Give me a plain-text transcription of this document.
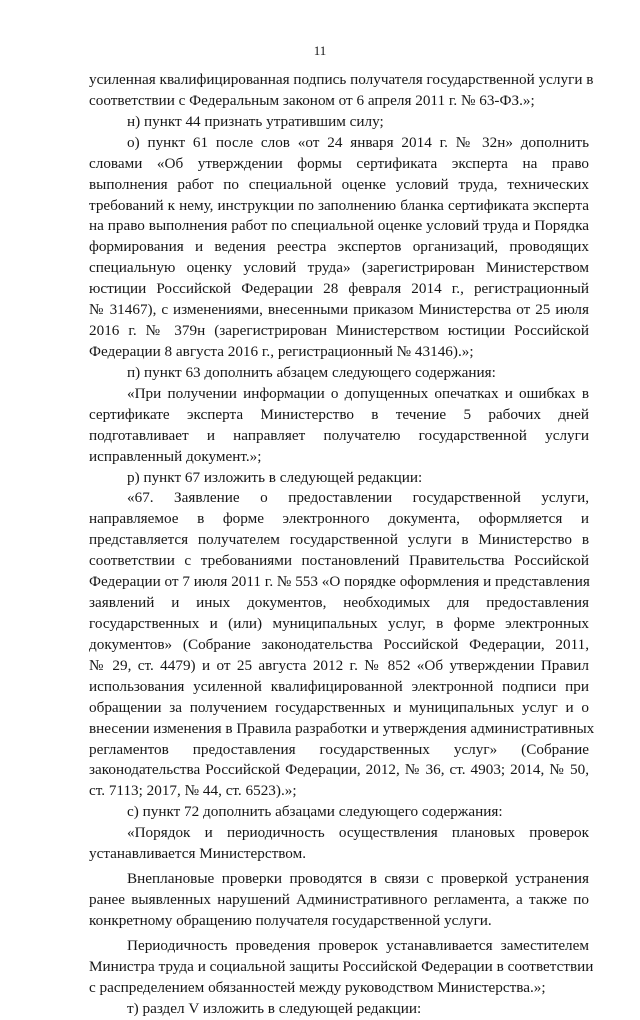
11
усиленная квалифицированная подпись получателя государственной услуги в
соответствии с Федеральным законом от 6 апреля 2011 г. № 63-ФЗ.»;
н) пункт 44 признать утратившим силу;
о) пункт 61 после слов «от 24 января 2014 г. № 32н» дополнить
словами «Об утверждении формы сертификата эксперта на право
выполнения работ по специальной оценке условий труда, технических
требований к нему, инструкции по заполнению бланка сертификата эксперта
на право выполнения работ по специальной оценке условий труда и Порядка
формирования и ведения реестра экспертов организаций, проводящих
специальную оценку условий труда» (зарегистрирован Министерством
юстиции Российской Федерации 28 февраля 2014 г., регистрационный
№ 31467), с изменениями, внесенными приказом Министерства от 25 июля
2016 г. № 379н (зарегистрирован Министерством юстиции Российской
Федерации 8 августа 2016 г., регистрационный № 43146).»;
п) пункт 63 дополнить абзацем следующего содержания:
«При получении информации о допущенных опечатках и ошибках в
сертификате эксперта Министерство в течение 5 рабочих дней
подготавливает и направляет получателю государственной услуги
исправленный документ.»;
р) пункт 67 изложить в следующей редакции:
«67. Заявление о предоставлении государственной услуги,
направляемое в форме электронного документа, оформляется и
представляется получателем государственной услуги в Министерство в
соответствии с требованиями постановлений Правительства Российской
Федерации от 7 июля 2011 г. № 553 «О порядке оформления и представления
заявлений и иных документов, необходимых для предоставления
государственных и (или) муниципальных услуг, в форме электронных
документов» (Собрание законодательства Российской Федерации, 2011,
№ 29, ст. 4479) и от 25 августа 2012 г. № 852 «Об утверждении Правил
использования усиленной квалифицированной электронной подписи при
обращении за получением государственных и муниципальных услуг и о
внесении изменения в Правила разработки и утверждения административных
регламентов предоставления государственных услуг» (Собрание
законодательства Российской Федерации, 2012, № 36, ст. 4903; 2014, № 50,
ст. 7113; 2017, № 44, ст. 6523).»;
с) пункт 72 дополнить абзацами следующего содержания:
«Порядок и периодичность осуществления плановых проверок
устанавливается Министерством.
Внеплановые проверки проводятся в связи с проверкой устранения
ранее выявленных нарушений Административного регламента, а также по
конкретному обращению получателя государственной услуги.
Периодичность проведения проверок устанавливается заместителем
Министра труда и социальной защиты Российской Федерации в соответствии
с распределением обязанностей между руководством Министерства.»;
т) раздел V изложить в следующей редакции:
